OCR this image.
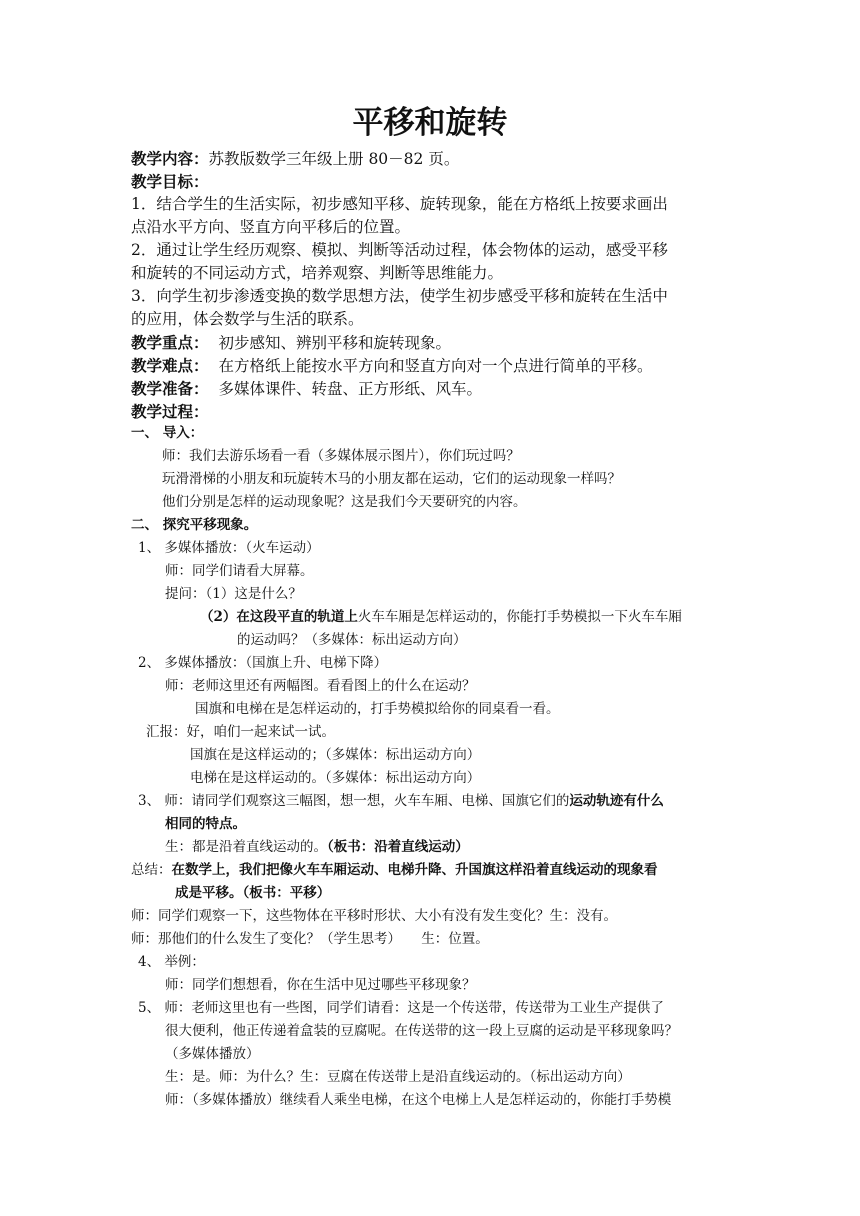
平移和旋转
教学内容：苏教版数学三年级上册 80－82 页。
教学目标：
1．结合学生的生活实际，初步感知平移、旋转现象，能在方格纸上按要求画出
点沿水平方向、竖直方向平移后的位置。
2．通过让学生经历观察、模拟、判断等活动过程，体会物体的运动，感受平移
和旋转的不同运动方式，培养观察、判断等思维能力。
3．向学生初步渗透变换的数学思想方法，使学生初步感受平移和旋转在生活中
的应用，体会数学与生活的联系。
教学重点： 初步感知、辨别平移和旋转现象。
教学难点： 在方格纸上能按水平方向和竖直方向对一个点进行简单的平移。
教学准备： 多媒体课件、转盘、正方形纸、风车。
教学过程：
一、 导入：
师：我们去游乐场看一看（多媒体展示图片），你们玩过吗？
玩滑滑梯的小朋友和玩旋转木马的小朋友都在运动，它们的运动现象一样吗？
他们分别是怎样的运动现象呢？这是我们今天要研究的内容。
二、 探究平移现象。
1、 多媒体播放：（火车运动）
师：同学们请看大屏幕。
提问：（1）这是什么？
（2）在这段平直的轨道上火车车厢是怎样运动的，你能打手势模拟一下火车车厢
的运动吗？（多媒体：标出运动方向）
2、 多媒体播放：（国旗上升、电梯下降）
师：老师这里还有两幅图。看看图上的什么在运动？
国旗和电梯在是怎样运动的，打手势模拟给你的同桌看一看。
汇报：好，咱们一起来试一试。
国旗在是这样运动的；（多媒体：标出运动方向）
电梯在是这样运动的。（多媒体：标出运动方向）
3、 师：请同学们观察这三幅图，想一想，火车车厢、电梯、国旗它们的运动轨迹有什么
相同的特点。
生：都是沿着直线运动的。（板书：沿着直线运动）
总结：在数学上，我们把像火车车厢运动、电梯升降、升国旗这样沿着直线运动的现象看
成是平移。（板书：平移）
师：同学们观察一下，这些物体在平移时形状、大小有没有发生变化？生：没有。
师：那他们的什么发生了变化？（学生思考）　　生：位置。
4、 举例：
师：同学们想想看，你在生活中见过哪些平移现象？
5、 师：老师这里也有一些图，同学们请看：这是一个传送带，传送带为工业生产提供了
很大便利，他正传递着盒装的豆腐呢。在传送带的这一段上豆腐的运动是平移现象吗？
（多媒体播放）
生：是。师：为什么？生：豆腐在传送带上是沿直线运动的。（标出运动方向）
师：（多媒体播放）继续看人乘坐电梯，在这个电梯上人是怎样运动的，你能打手势模
